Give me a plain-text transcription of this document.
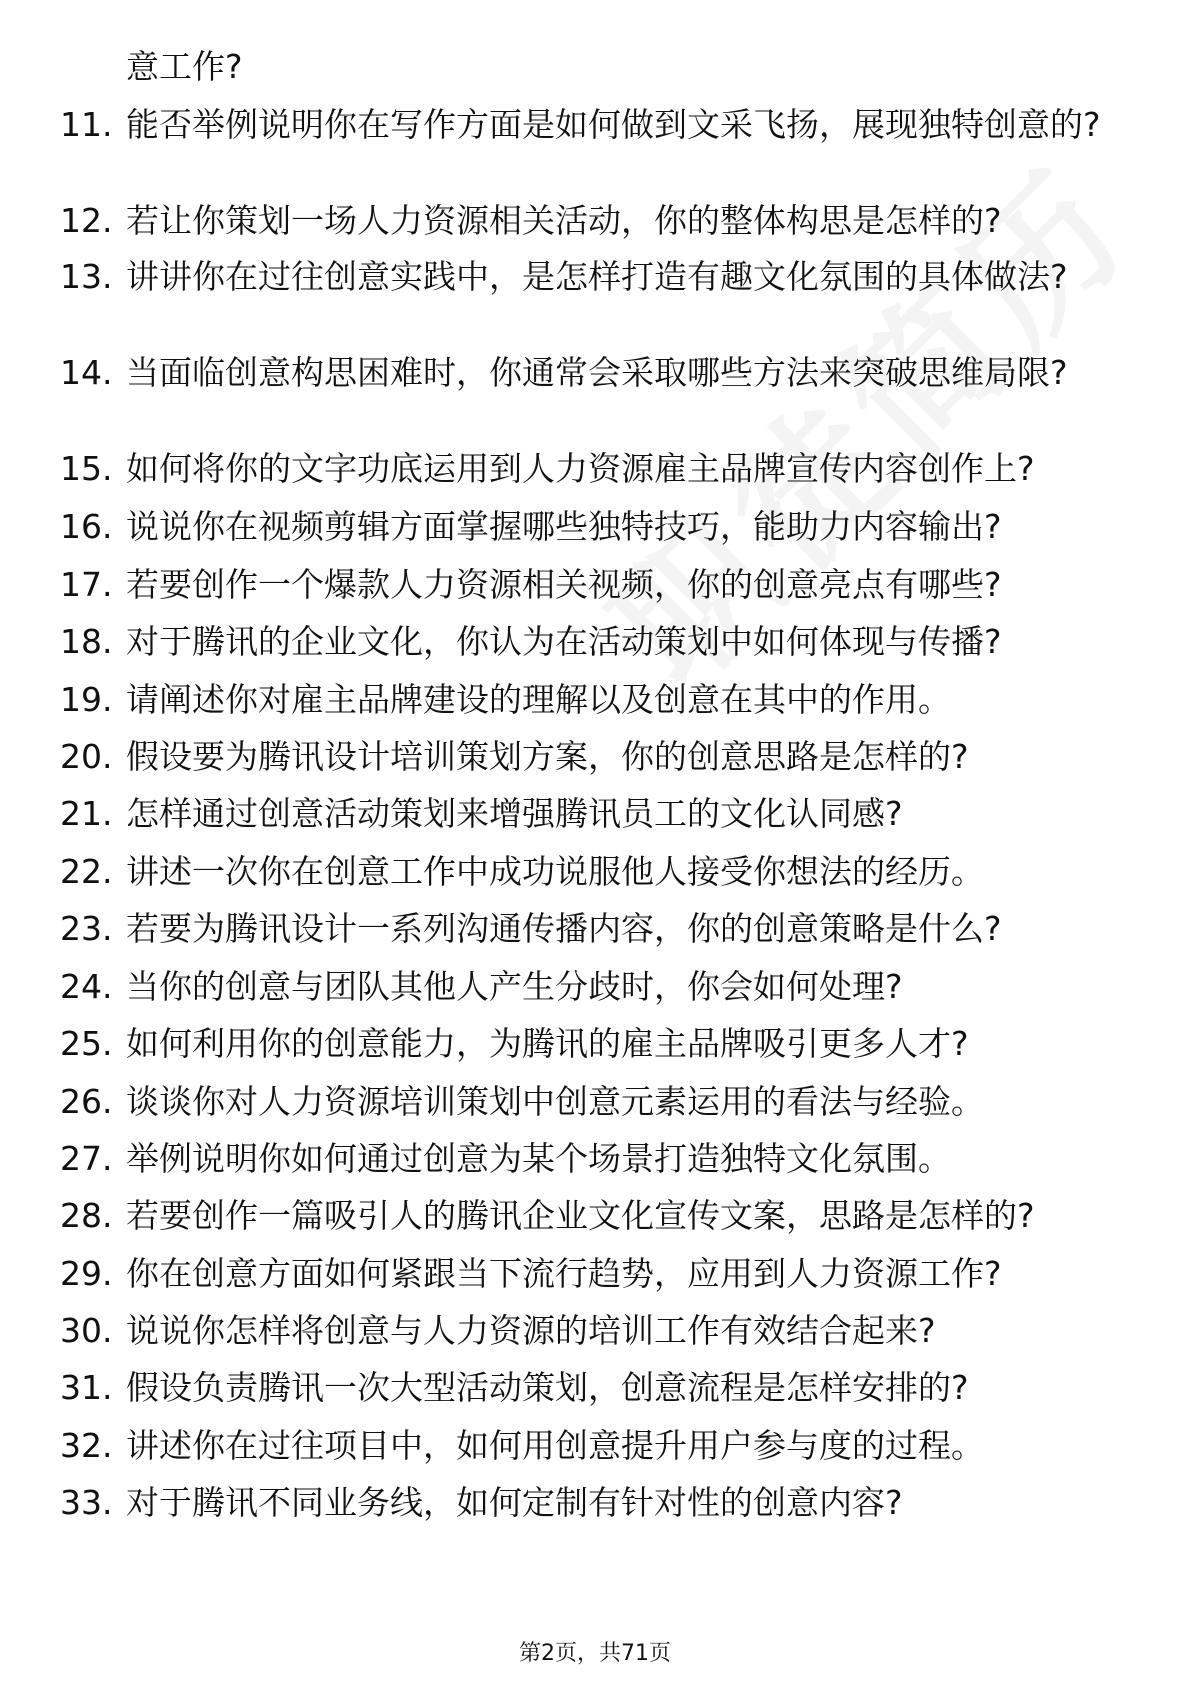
意工作?
11. 能否举例说明你在写作方面是如何做到文采飞扬，展现独特创意的?
12. 若让你策划一场人力资源相关活动，你的整体构思是怎样的?
13. 讲讲你在过往创意实践中，是怎样打造有趣文化氛围的具体做法?
14. 当面临创意构思困难时，你通常会采取哪些方法来突破思维局限?
15. 如何将你的文字功底运用到人力资源雇主品牌宣传内容创作上?
16. 说说你在视频剪辑方面掌握哪些独特技巧，能助力内容输出?
17. 若要创作一个爆款人力资源相关视频，你的创意亮点有哪些?
18. 对于腾讯的企业文化，你认为在活动策划中如何体现与传播?
19. 请阐述你对雇主品牌建设的理解以及创意在其中的作用。
20. 假设要为腾讯设计培训策划方案，你的创意思路是怎样的?
21. 怎样通过创意活动策划来增强腾讯员工的文化认同感?
22. 讲述一次你在创意工作中成功说服他人接受你想法的经历。
23. 若要为腾讯设计一系列沟通传播内容，你的创意策略是什么?
24. 当你的创意与团队其他人产生分歧时，你会如何处理?
25. 如何利用你的创意能力，为腾讯的雇主品牌吸引更多人才?
26. 谈谈你对人力资源培训策划中创意元素运用的看法与经验。
27. 举例说明你如何通过创意为某个场景打造独特文化氛围。
28. 若要创作一篇吸引人的腾讯企业文化宣传文案，思路是怎样的?
29. 你在创意方面如何紧跟当下流行趋势，应用到人力资源工作?
30. 说说你怎样将创意与人力资源的培训工作有效结合起来?
31. 假设负责腾讯一次大型活动策划，创意流程是怎样安排的?
32. 讲述你在过往项目中，如何用创意提升用户参与度的过程。
33. 对于腾讯不同业务线，如何定制有针对性的创意内容?
第2页，共71页
